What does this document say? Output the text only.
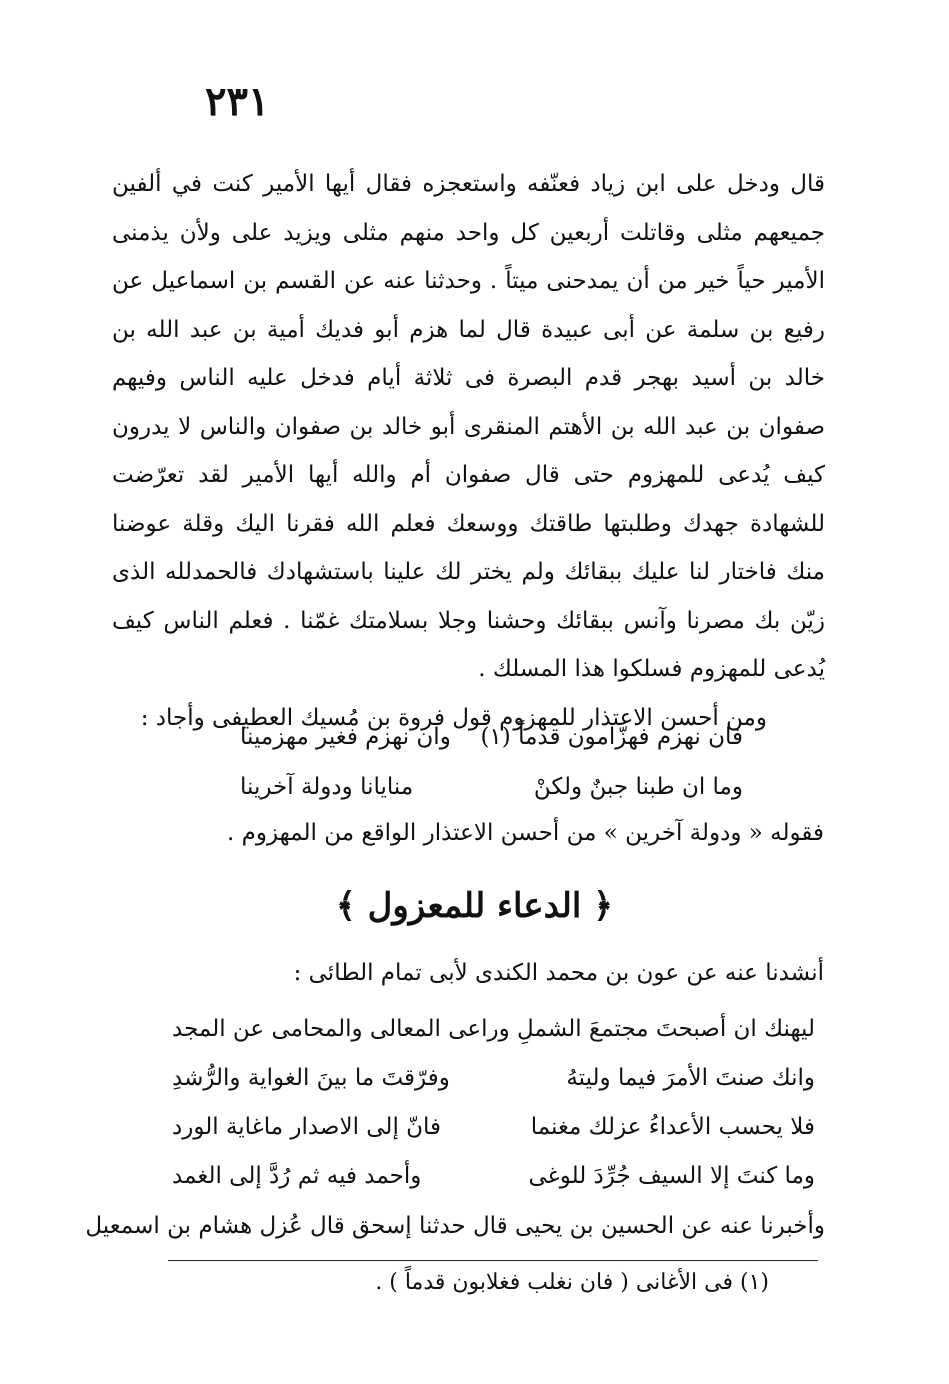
٢٣١

قال ودخل على ابن زياد فعنّفه واستعجزه فقال أيها الأمير كنت في ألفين جميعهم مثلى وقاتلت أربعين كل واحد منهم مثلى ويزيد على ولأن يذمنى الأمير حياً خير من أن يمدحنى ميتاً . وحدثنا عنه عن القسم بن اسماعيل عن رفيع بن سلمة عن أبى عبيدة قال لما هزم أبو فديك أمية بن عبد الله بن خالد بن أسيد بهجر قدم البصرة فى ثلاثة أيام فدخل عليه الناس وفيهم صفوان بن عبد الله بن الأهتم المنقرى أبو خالد بن صفوان والناس لا يدرون كيف يُدعى للمهزوم حتى قال صفوان أم والله أيها الأمير لقد تعرّضت للشهادة جهدك وطلبتها طاقتك ووسعك فعلم الله فقرنا اليك وقلة عوضنا منك فاختار لنا عليك ببقائك ولم يختر لك علينا باستشهادك فالحمدلله الذى زيّن بك مصرنا وآنس ببقائك وحشنا وجلا بسلامتك غمّنا . فعلم الناس كيف يُدعى للمهزوم فسلكوا هذا المسلك .

ومن أحسن الاعتذار للمهزوم قول فروة بن مُسيك العطيفى وأجاد :

فان نهزم فهزّامون قدماً (١)
وان نهزم فغير مهزمينا
وما ان طبنا جبنٌ ولكنْ
منايانا ودولة آخرينا
فقوله « ودولة آخرين » من أحسن الاعتذار الواقع من المهزوم .
﴿ الدعاء للمعزول ﴾
أنشدنا عنه عن عون بن محمد الكندى لأبى تمام الطائى :
ليهنك ان أصبحتَ مجتمعَ الشملِ
وراعى المعالى والمحامى عن المجد
وانك صنتَ الأمرَ فيما وليتهُ
وفرّقتَ ما بينَ الغواية والرُّشدِ
فلا يحسب الأعداءُ عزلك مغنما
فانّ إلى الاصدار ماغاية الورد
وما كنتَ إلا السيف جُرِّدَ للوغى
وأحمد فيه ثم رُدَّ إلى الغمد
وأخبرنا عنه عن الحسين بن يحيى قال حدثنا إسحق قال عُزل هشام بن اسمعيل
(١) فى الأغانى ( فان نغلب فغلابون قدماً ) .
